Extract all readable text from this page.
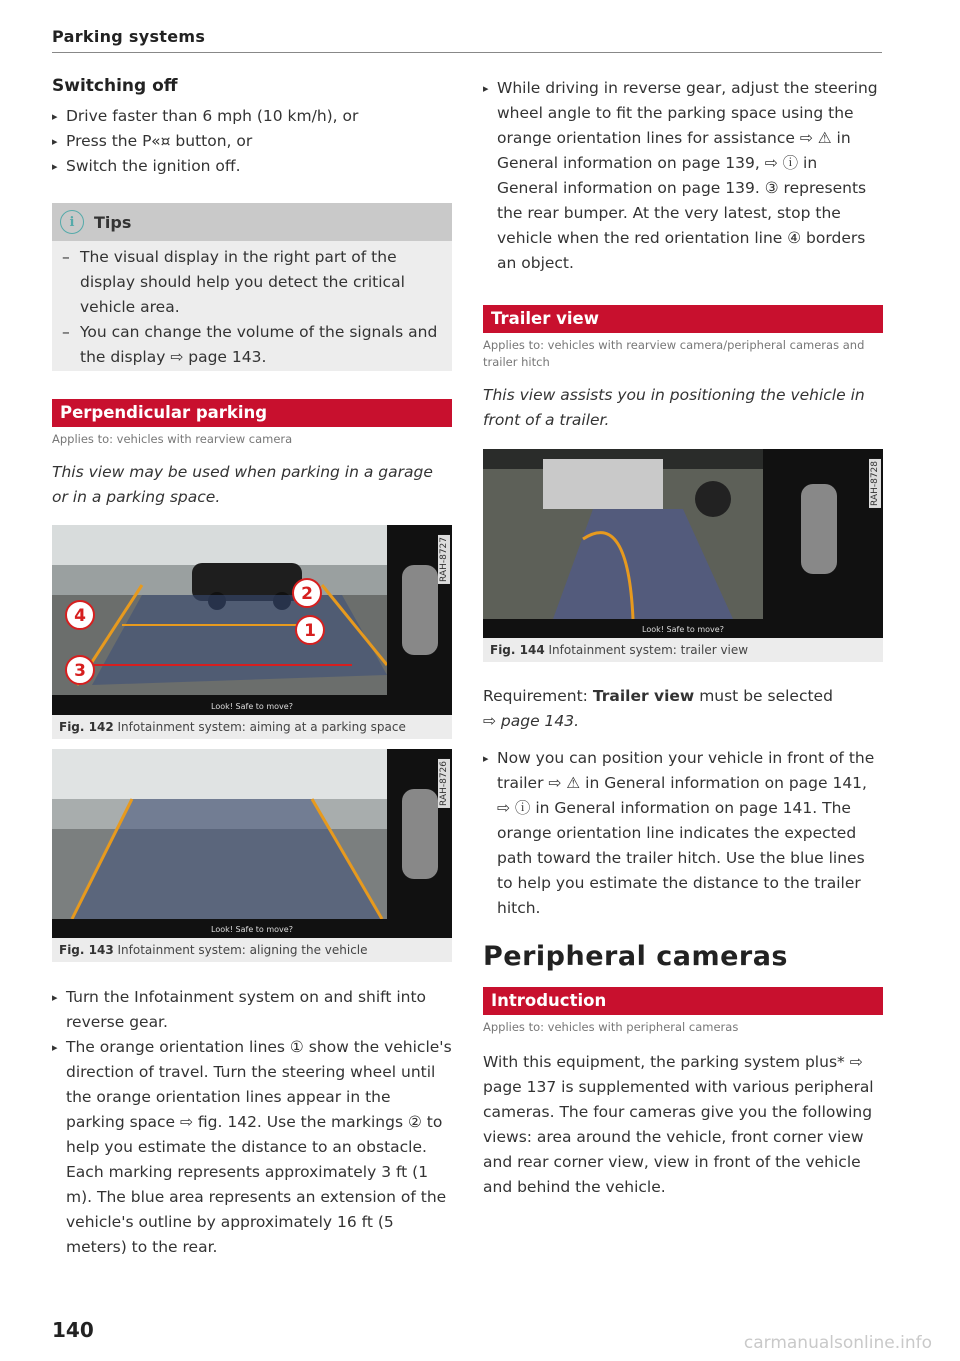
Parking systems
Switching off
▸ Drive faster than 6 mph (10 km/h), or
▸ Press the P«¤ button, or
▸ Switch the ignition off.
i	Tips
– The visual display in the right part of the display should help you detect the critical vehicle area.
– You can change the volume of the signals and the display ⇨ page 143.
Perpendicular parking
Applies to: vehicles with rearview camera
This view may be used when parking in a garage or in a parking space.
4
2
1
3
Look! Safe to move?
RAH-8727
Fig. 142 Infotainment system: aiming at a parking space
Look! Safe to move?
RAH-8726
Fig. 143 Infotainment system: aligning the vehicle
▸ Turn the Infotainment system on and shift into reverse gear.
▸ The orange orientation lines ① show the vehicle's direction of travel. Turn the steering wheel until the orange orientation lines appear in the parking space ⇨ fig. 142. Use the markings ② to help you estimate the distance to an obstacle. Each marking represents approximately 3 ft (1 m). The blue area represents an extension of the vehicle's outline by approximately 16 ft (5 meters) to the rear.
▸ While driving in reverse gear, adjust the steering wheel angle to fit the parking space using the orange orientation lines for assistance ⇨ ⚠ in General information on page 139, ⇨ ⓘ in General information on page 139. ③ represents the rear bumper. At the very latest, stop the vehicle when the red orientation line ④ borders an object.
Trailer view
Applies to: vehicles with rearview camera/peripheral cameras and trailer hitch
This view assists you in positioning the vehicle in front of a trailer.
Look! Safe to move?
RAH-8728
Fig. 144 Infotainment system: trailer view
Requirement: Trailer view must be selected
⇨ page 143.
▸ Now you can position your vehicle in front of the trailer ⇨ ⚠ in General information on page 141, ⇨ ⓘ in General information on page 141. The orange orientation line indicates the expected path toward the trailer hitch. Use the blue lines to help you estimate the distance to the trailer hitch.
Peripheral cameras
Introduction
Applies to: vehicles with peripheral cameras
With this equipment, the parking system plus* ⇨ page 137 is supplemented with various peripheral cameras. The four cameras give you the following views: area around the vehicle, front corner view and rear corner view, view in front of the vehicle and behind the vehicle.
140
carmanualsonline.info
